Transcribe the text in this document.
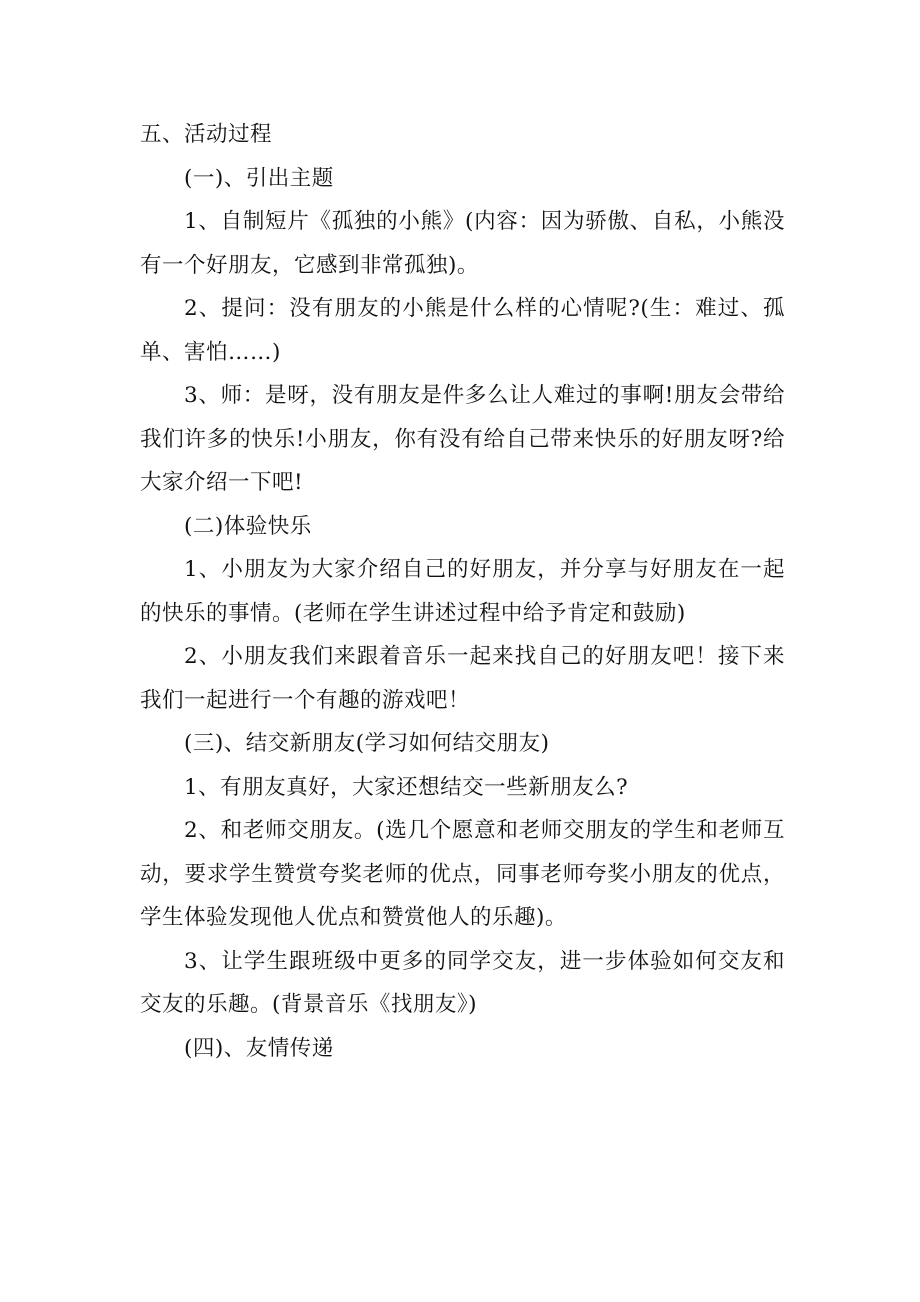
五、活动过程

(一)、引出主题

1、自制短片《孤独的小熊》(内容：因为骄傲、自私，小熊没有一个好朋友，它感到非常孤独)。

2、提问：没有朋友的小熊是什么样的心情呢?(生：难过、孤单、害怕……)

3、师：是呀，没有朋友是件多么让人难过的事啊!朋友会带给我们许多的快乐!小朋友，你有没有给自己带来快乐的好朋友呀?给大家介绍一下吧!

(二)体验快乐

1、小朋友为大家介绍自己的好朋友，并分享与好朋友在一起的快乐的事情。(老师在学生讲述过程中给予肯定和鼓励)

2、小朋友我们来跟着音乐一起来找自己的好朋友吧！接下来我们一起进行一个有趣的游戏吧！

(三)、结交新朋友(学习如何结交朋友)

1、有朋友真好，大家还想结交一些新朋友么?

2、和老师交朋友。(选几个愿意和老师交朋友的学生和老师互动，要求学生赞赏夸奖老师的优点，同事老师夸奖小朋友的优点，学生体验发现他人优点和赞赏他人的乐趣)。

3、让学生跟班级中更多的同学交友，进一步体验如何交友和交友的乐趣。(背景音乐《找朋友》)

(四)、友情传递
